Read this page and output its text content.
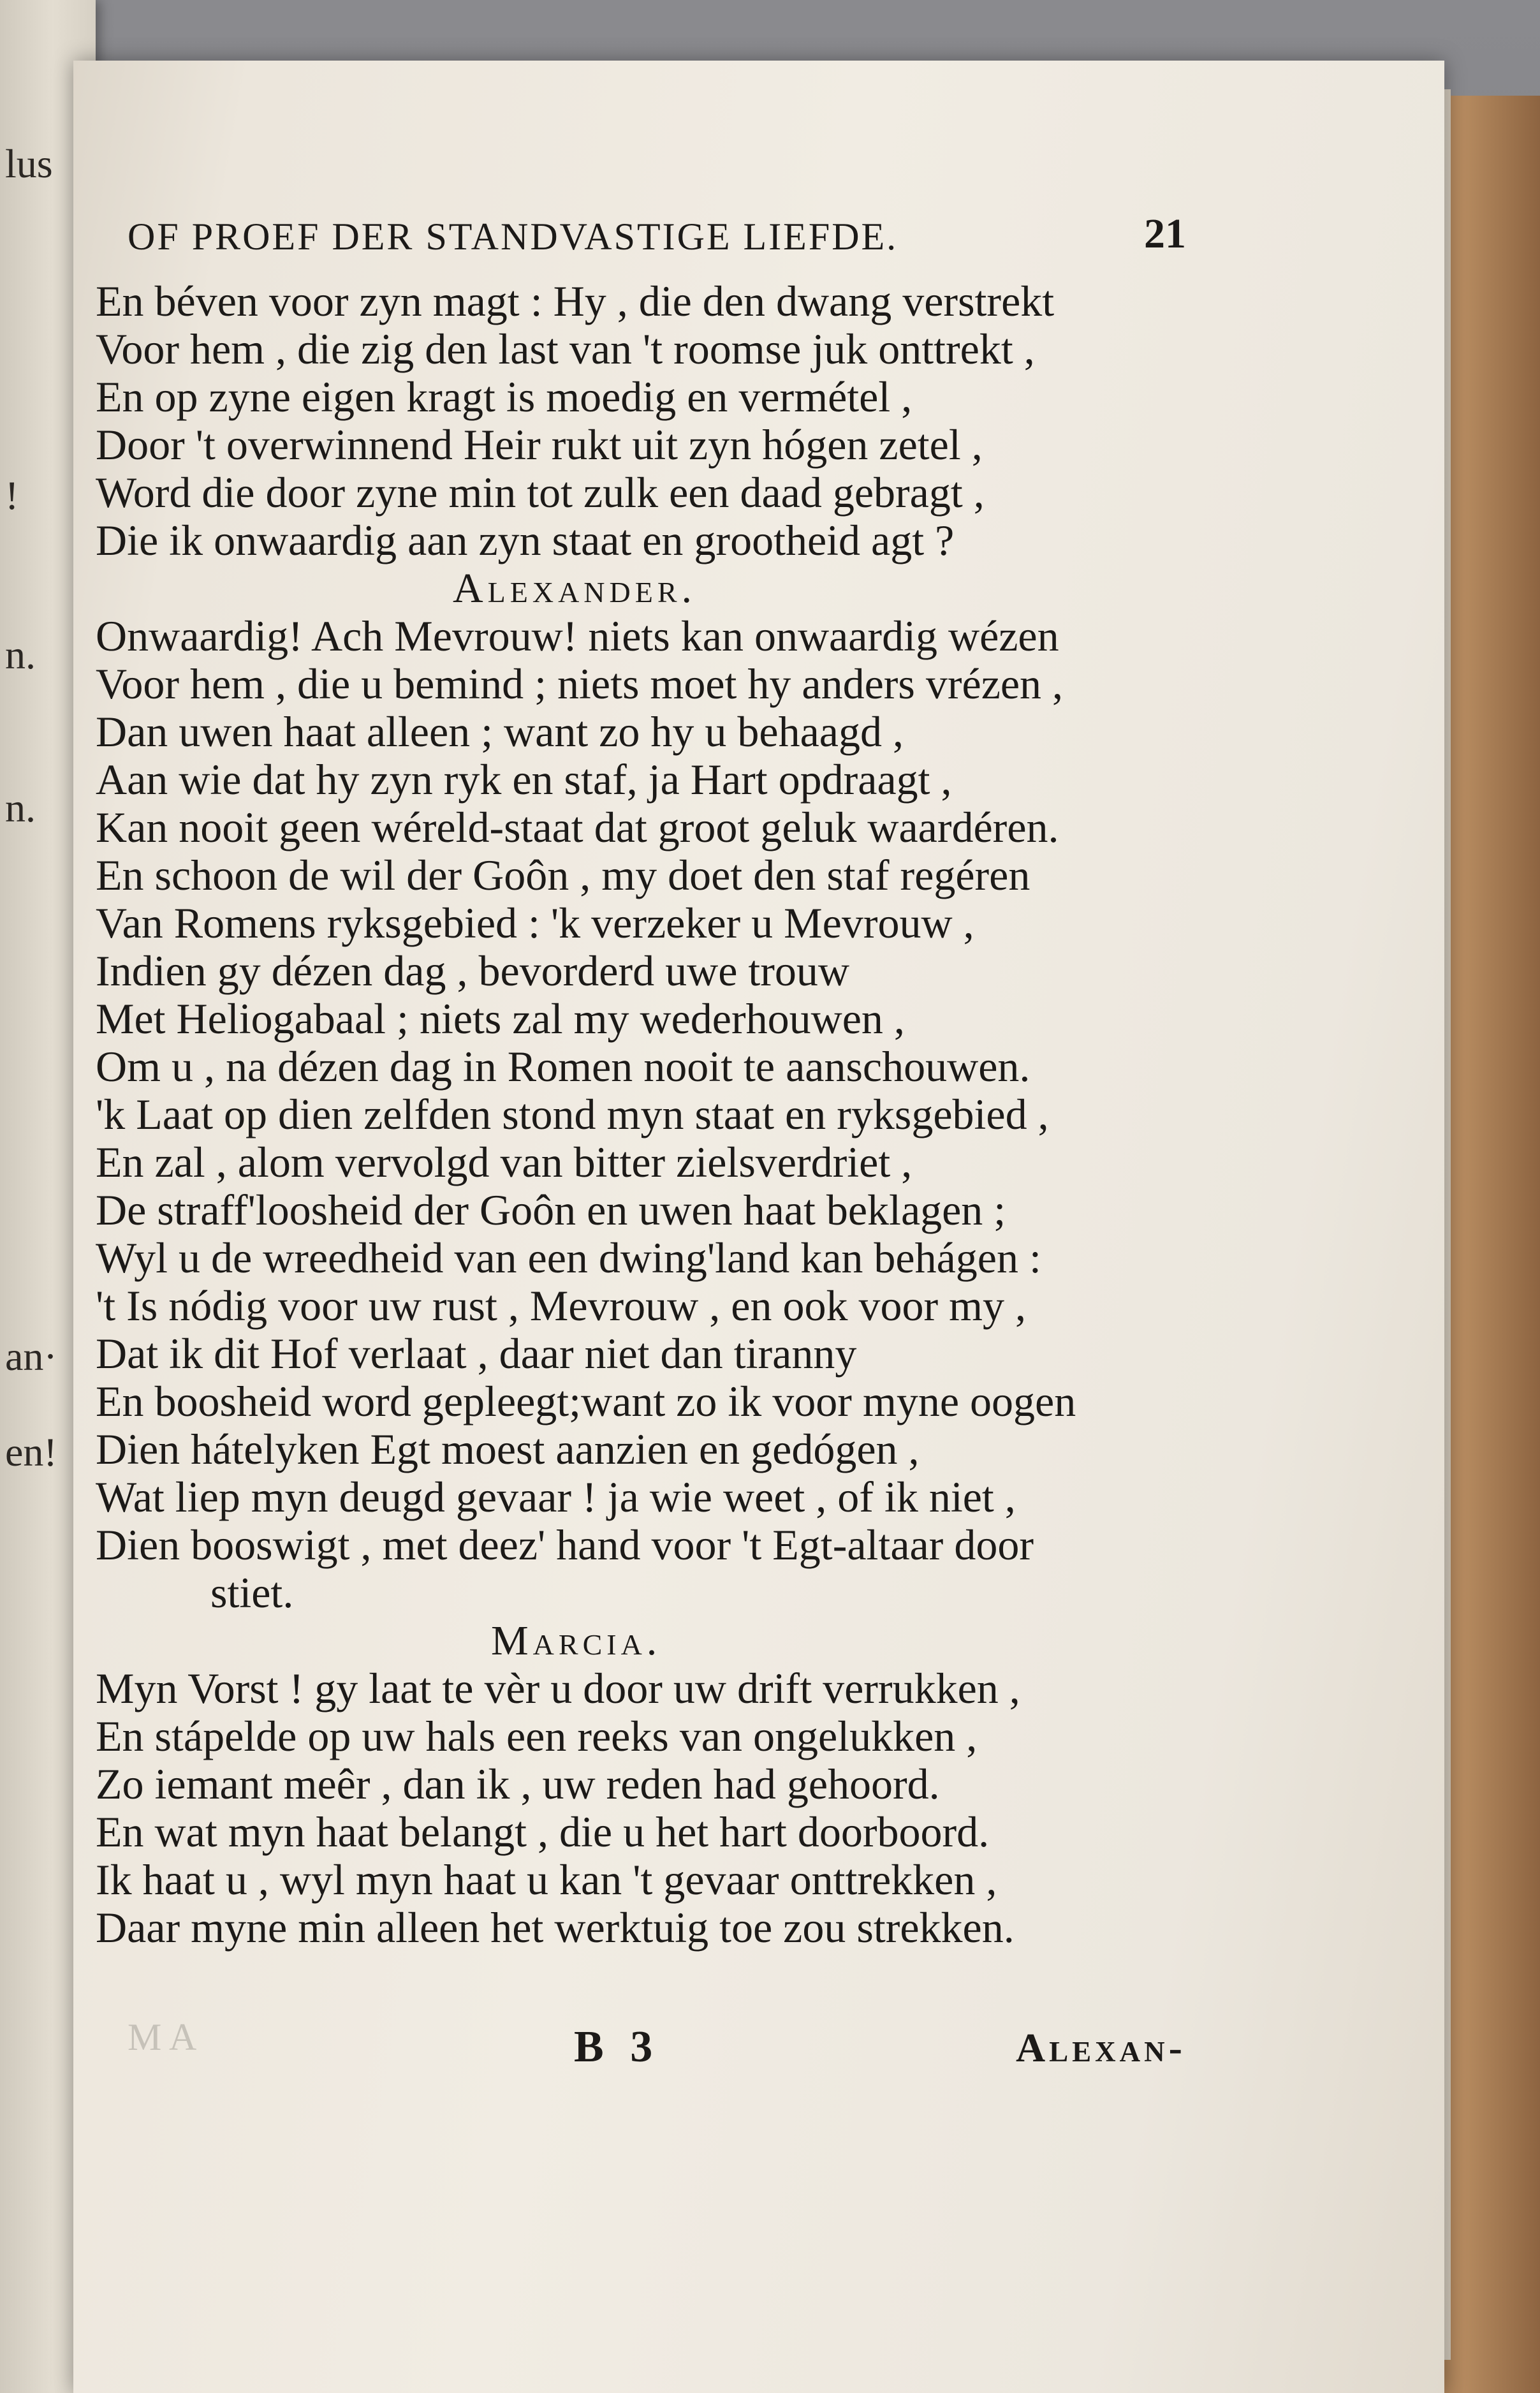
lus
!
n.
n.
an·
en!
OF PROEF DER STANDVASTIGE LIEFDE.	21
En béven voor zyn magt : Hy , die den dwang verstrekt
Voor hem , die zig den last van 't roomse juk onttrekt ,
En op zyne eigen kragt is moedig en vermétel ,
Door 't overwinnend Heir rukt uit zyn hógen zetel ,
Word die door zyne min tot zulk een daad gebragt ,
Die ik onwaardig aan zyn staat en grootheid agt ?
Alexander.
Onwaardig! Ach Mevrouw! niets kan onwaardig wézen
Voor hem , die u bemind ; niets moet hy anders vrézen ,
Dan uwen haat alleen ; want zo hy u behaagd ,
Aan wie dat hy zyn ryk en staf, ja Hart opdraagt ,
Kan nooit geen wéreld-staat dat groot geluk waardéren.
En schoon de wil der Goôn , my doet den staf regéren
Van Romens ryksgebied : 'k verzeker u Mevrouw ,
Indien gy dézen dag , bevorderd uwe trouw
Met Heliogabaal ; niets zal my wederhouwen ,
Om u , na dézen dag in Romen nooit te aanschouwen.
'k Laat op dien zelfden stond myn staat en ryksgebied ,
En zal , alom vervolgd van bitter zielsverdriet ,
De straff'loosheid der Goôn en uwen haat beklagen ;
Wyl u de wreedheid van een dwing'land kan behágen :
't Is nódig voor uw rust , Mevrouw , en ook voor my ,
Dat ik dit Hof verlaat , daar niet dan tiranny
En boosheid word gepleegt;want zo ik voor myne oogen
Dien hátelyken Egt moest aanzien en gedógen ,
Wat liep myn deugd gevaar ! ja wie weet , of ik niet ,
Dien booswigt , met deez' hand voor 't Egt-altaar door
stiet.
Marcia.
Myn Vorst ! gy laat te vèr u door uw drift verrukken ,
En stápelde op uw hals een reeks van ongelukken ,
Zo iemant meêr , dan ik , uw reden had gehoord.
En wat myn haat belangt , die u het hart doorboord.
Ik haat u , wyl myn haat u kan 't gevaar onttrekken ,
Daar myne min alleen het werktuig toe zou strekken.
M A	B 3	Alexan-
